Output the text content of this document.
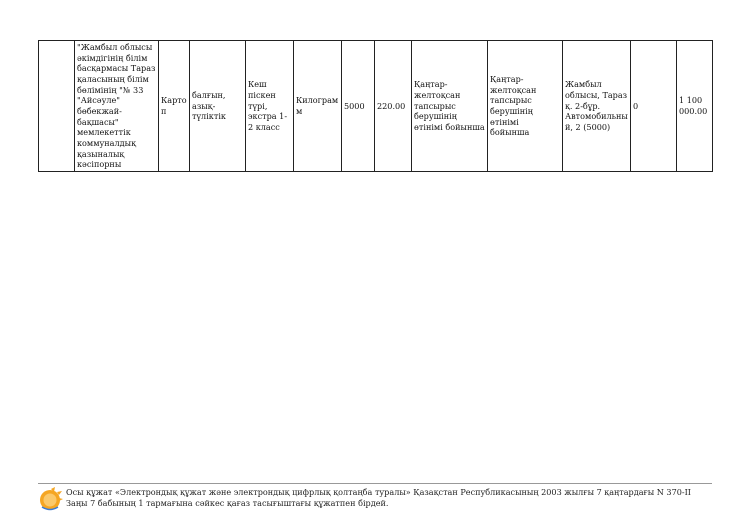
	"Жамбыл облысы әкімдігінің білім басқармасы Тараз қаласының білім бөлімінің "№ 33 "Айсәуле" бөбекжай-бақшасы" мемлекеттік коммуналдық қазыналық кәсіпорны	Картоп	балғын, азық-түліктік	Кеш піскен түрі, экстра 1-2 класс	Килограмм	5000	220.00	Қаңтар-желтоқсан тапсырыс берушінің өтінімі бойынша	Қаңтар-желтоқсан тапсырыс берушінің өтінімі бойынша	Жамбыл облысы, Тараз қ. 2-бұр. Автомобильный, 2 (5000)	0	1 100 000.00
Осы құжат «Электрондық құжат және электрондық цифрлық қолтаңба туралы» Қазақстан Республикасының 2003 жылғы 7 қаңтардағы N 370-II Заңы 7 бабының 1 тармағына сәйкес қағаз тасығыштағы құжатпен бірдей.
